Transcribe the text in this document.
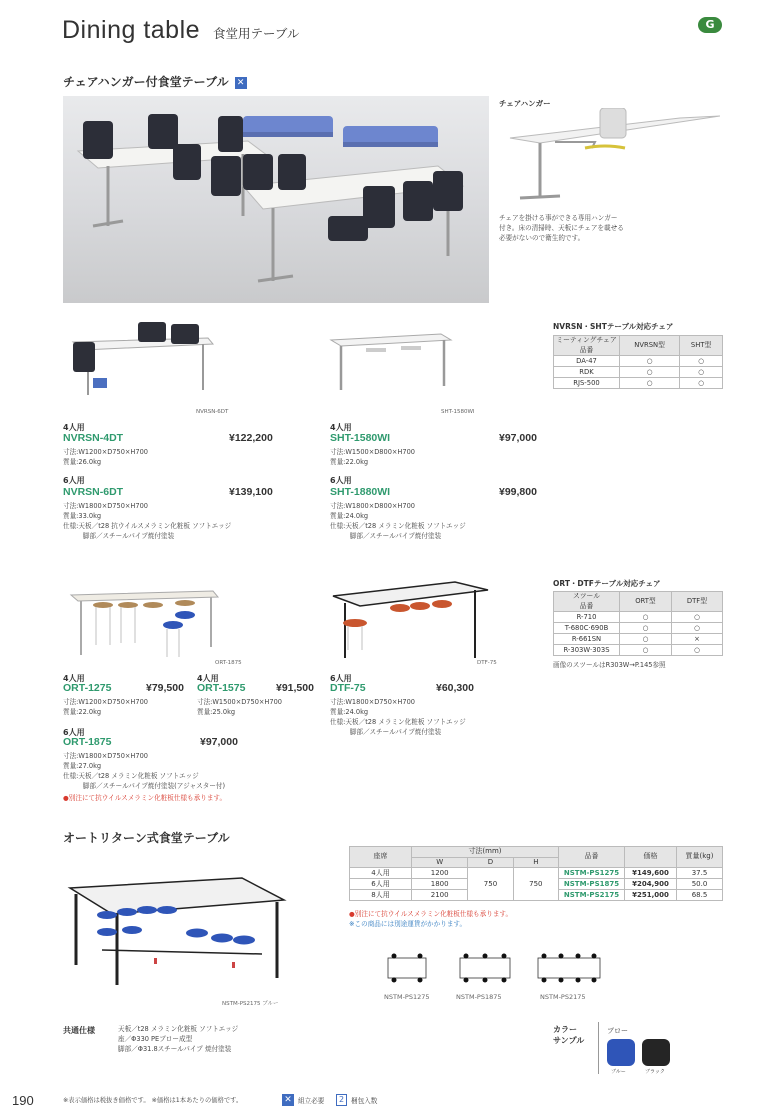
Dining table 食堂用テーブル
G
チェアハンガー付食堂テーブル ✕
チェアハンガー
チェアを掛ける事ができる専用ハンガー
付き。床の清掃時、天板にチェアを載せる
必要がないので衛生的です。
NVRSN-6DT	SHT-1580WI
4人用
NVRSN-4DT	¥122,200
寸法:W1200×D750×H700
質量:26.0kg
6人用
NVRSN-6DT	¥139,100
寸法:W1800×D750×H700
質量:33.0kg
仕様:天板／t28 抗ウイルスメラミン化粧板 ソフトエッジ
　　　脚部／スチールパイプ焼付塗装
4人用
SHT-1580WI	¥97,000
寸法:W1500×D800×H700
質量:22.0kg
6人用
SHT-1880WI	¥99,800
寸法:W1800×D800×H700
質量:24.0kg
仕様:天板／t28 メラミン化粧板 ソフトエッジ
　　　脚部／スチールパイプ焼付塗装
NVRSN・SHTテーブル対応チェア
ミーティングチェア
品番	NVRSN型	SHT型
DA-47	○	○
RDK	○	○
RJS-500	○	○
ORT-1875	DTF-75
4人用
ORT-1275	¥79,500
寸法:W1200×D750×H700
質量:22.0kg
4人用
ORT-1575	¥91,500
寸法:W1500×D750×H700
質量:25.0kg
6人用
ORT-1875	¥97,000
寸法:W1800×D750×H700
質量:27.0kg
仕様:天板／t28 メラミン化粧板 ソフトエッジ
　　　脚部／スチールパイプ焼付塗装(アジャスター付)
●別注にて抗ウイルスメラミン化粧板仕様も承ります。
6人用
DTF-75	¥60,300
寸法:W1800×D750×H700
質量:24.0kg
仕様:天板／t28 メラミン化粧板 ソフトエッジ
　　　脚部／スチールパイプ焼付塗装
ORT・DTFテーブル対応チェア
スツール
品番	ORT型	DTF型
R-710	○	○
T-680C·690B	○	○
R-661SN	○	×
R-303W·303S	○	○
画像のスツールはR303W→P.145参照
オートリターン式食堂テーブル
NSTM-PS2175 ブルー
座席	寸法(mm)			品番	価格	質量(kg)
	W	D	H			
4人用	1200	750	750	NSTM-PS1275	¥149,600	37.5
6人用	1800			NSTM-PS1875	¥204,900	50.0
8人用	2100			NSTM-PS2175	¥251,000	68.5
●別注にて抗ウイルスメラミン化粧板仕様も承ります。
※この商品には別途運賃がかかります。
NSTM-PS1275	NSTM-PS1875	NSTM-PS2175
共通仕様	天板／t28 メラミン化粧板 ソフトエッジ
座／Φ330 PEブロー成型
脚部／Φ31.8スチールパイプ 焼付塗装
カラー
サンプル
ブロー
ブルー	ブラック
190	※表示価格は税抜き価格です。 ※価格は1本あたりの価格です。	✕ 組立必要	2	梱包入数
